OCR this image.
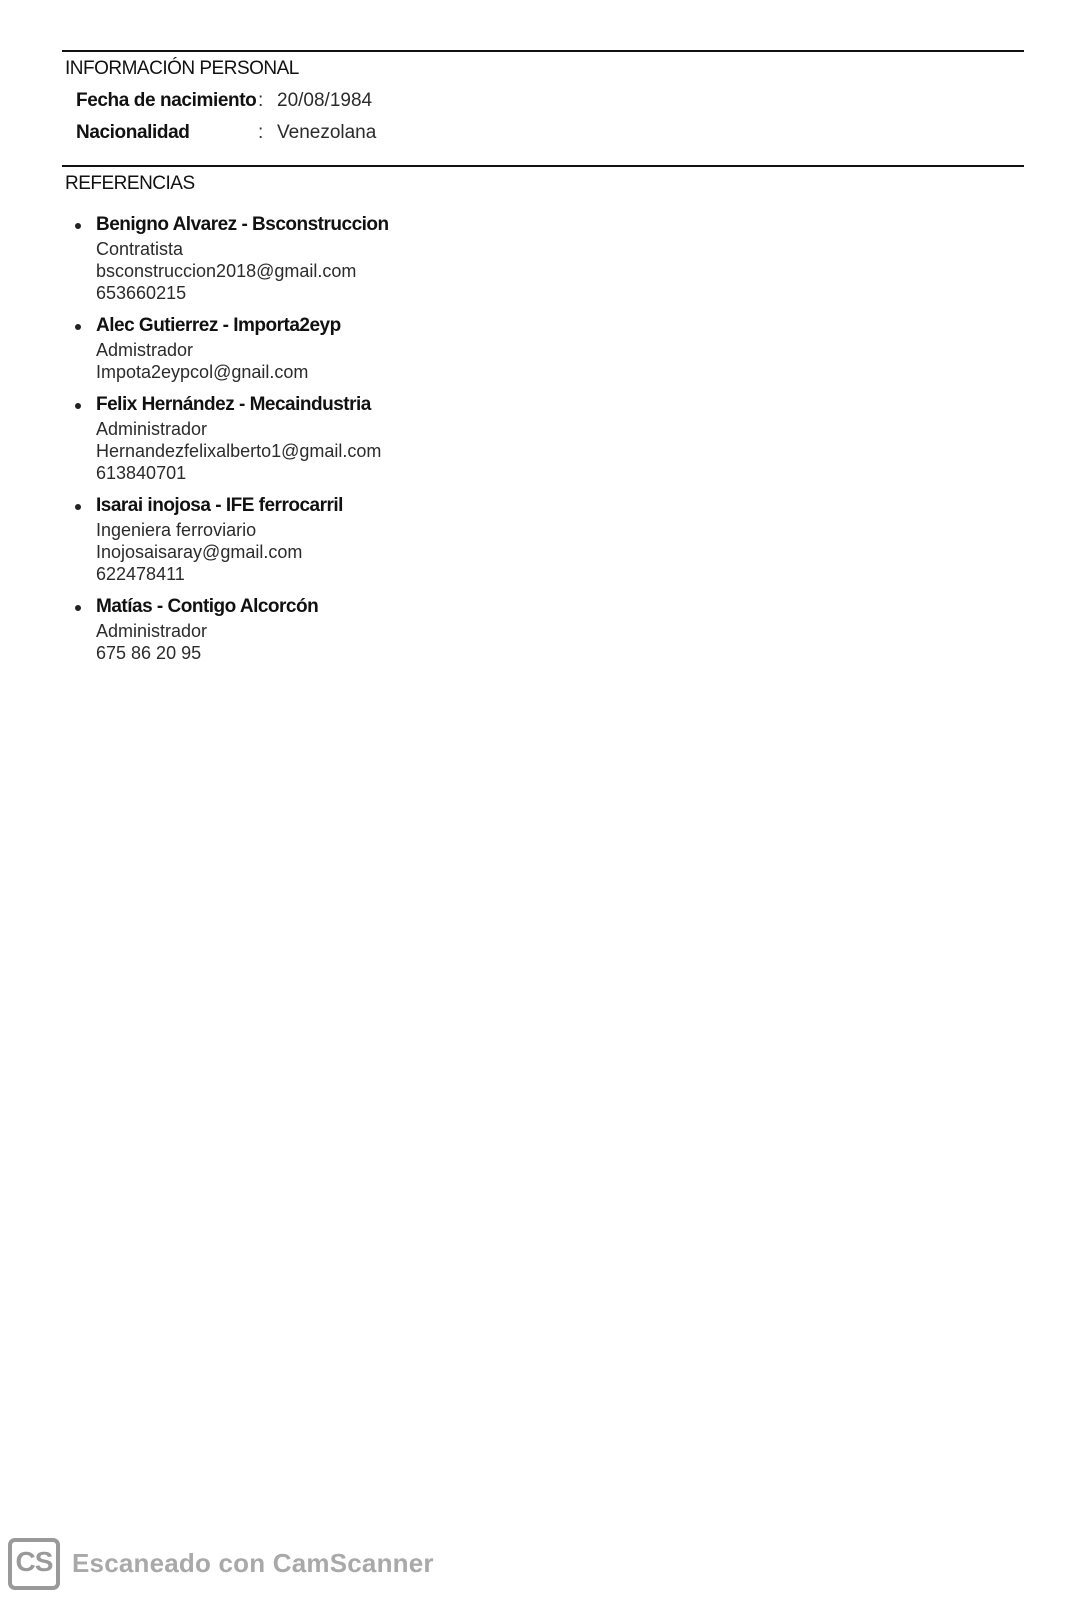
INFORMACIÓN PERSONAL
Fecha de nacimiento : 20/08/1984
Nacionalidad	: Venezolana
REFERENCIAS
Benigno Alvarez - Bsconstruccion
Contratista
bsconstruccion2018@gmail.com
653660215
Alec Gutierrez - Importa2eyp
Admistrador
Impota2eypcol@gnail.com
Felix Hernández - Mecaindustria
Administrador
Hernandezfelixalberto1@gmail.com
613840701
Isarai inojosa - IFE ferrocarril
Ingeniera ferroviario
Inojosaisaray@gmail.com
622478411
Matías - Contigo Alcorcón
Administrador
675 86 20 95
CS Escaneado con CamScanner
